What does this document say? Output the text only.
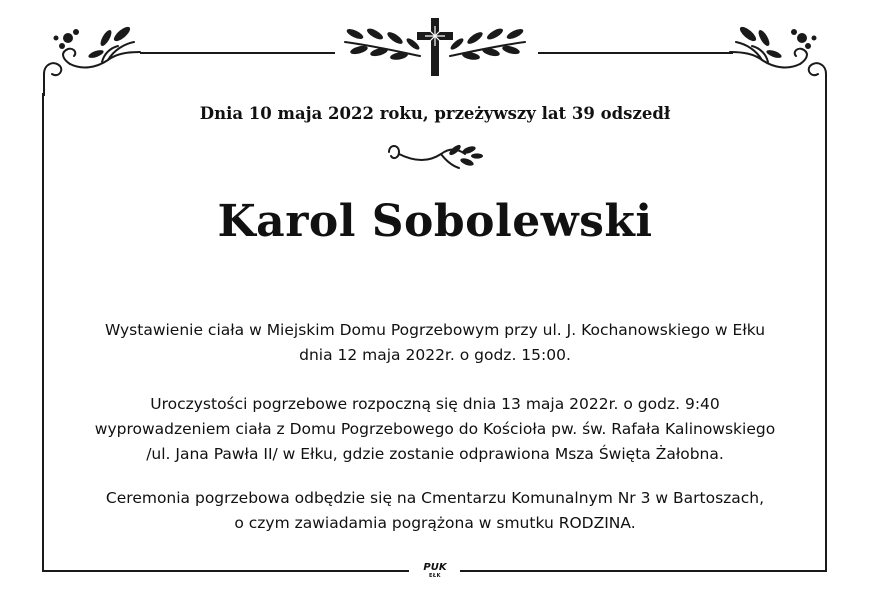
Dnia 10 maja 2022 roku, przeżywszy lat 39 odszedł
Karol Sobolewski
Wystawienie ciała w Miejskim Domu Pogrzebowym przy ul. J. Kochanowskiego w Ełku
dnia 12 maja 2022r. o godz. 15:00.
Uroczystości pogrzebowe rozpoczną się dnia 13 maja 2022r. o godz. 9:40
wyprowadzeniem ciała z Domu Pogrzebowego do Kościoła pw. św. Rafała Kalinowskiego
/ul. Jana Pawła II/ w Ełku, gdzie zostanie odprawiona Msza Święta Żałobna.
Ceremonia pogrzebowa odbędzie się na Cmentarzu Komunalnym Nr 3 w Bartoszach,
o czym zawiadamia pogrążona w smutku RODZINA.
PUK
EŁK
